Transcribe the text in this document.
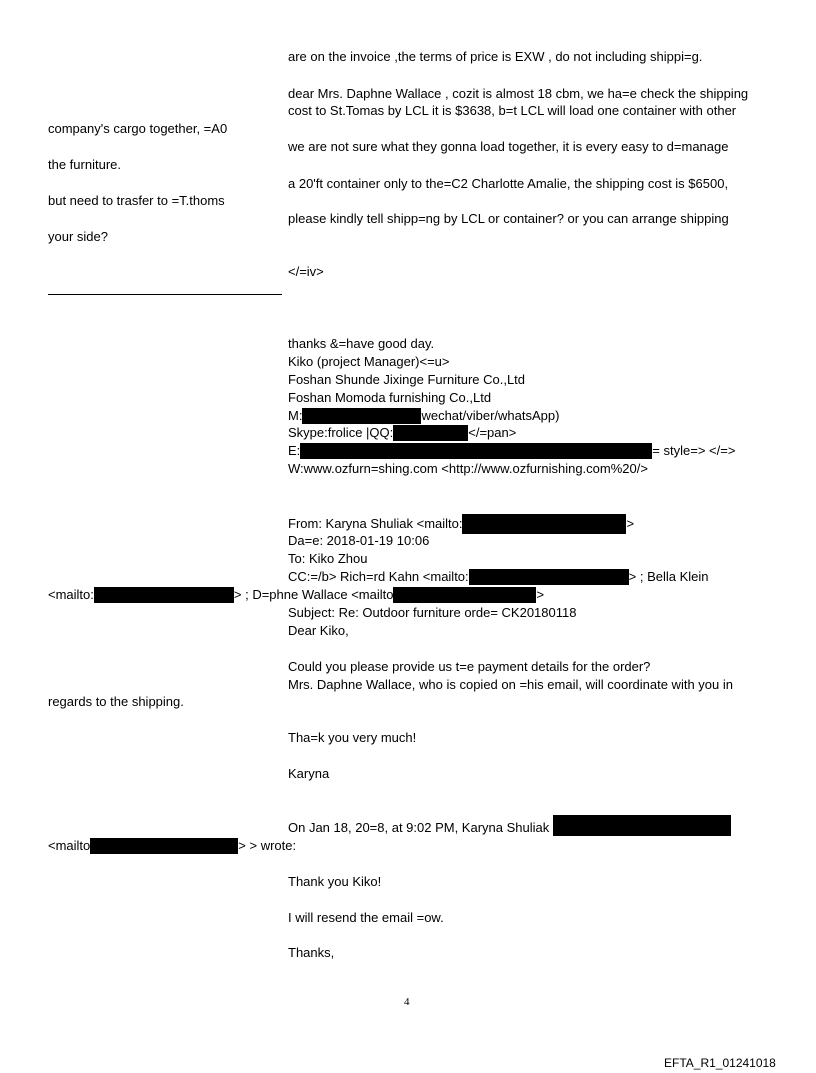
are on the invoice ,the terms of price is EXW , do not including shippi=g.
dear Mrs. Daphne Wallace , cozit is almost 18 cbm, we ha=e check the shipping
cost to St.Tomas by LCL it is $3638, b=t LCL will load one container with other
company's cargo together, =A0
we are not sure what they gonna load together, it is every easy to d=manage
the furniture.
a 20'ft container only to the=C2 Charlotte Amalie, the shipping cost is $6500,
but need to trasfer to =T.thoms
please kindly tell shipp=ng by LCL or container? or you can arrange shipping
your side?
</=iv>
thanks &=have good day.
Kiko (project Manager)<=u>
Foshan Shunde Jixinge Furniture Co.,Ltd
Foshan Momoda furnishing Co.,Ltd
M:	wechat/viber/whatsApp)
Skype:frolice |QQ:	</=pan>
E:	= style=> </=>
W:www.ozfurn=shing.com <http://www.ozfurnishing.com%20/>
From: Karyna Shuliak <mailto:	>
Da=e: 2018-01-19 10:06
To: Kiko Zhou
CC:=/b> Rich=rd Kahn <mailto:	> ; Bella Klein
<mailto:	> ; D=phne Wallace <mailto	>
Subject: Re: Outdoor furniture orde= CK20180118
Dear Kiko,
Could you please provide us t=e payment details for the order?
Mrs. Daphne Wallace, who is copied on =his email, will coordinate with you in
regards to the shipping.
Tha=k you very much!
Karyna
On Jan 18, 20=8, at 9:02 PM, Karyna Shuliak
<mailto	> > wrote:
Thank you Kiko!
I will resend the email =ow.
Thanks,
4
EFTA_R1_01241018
